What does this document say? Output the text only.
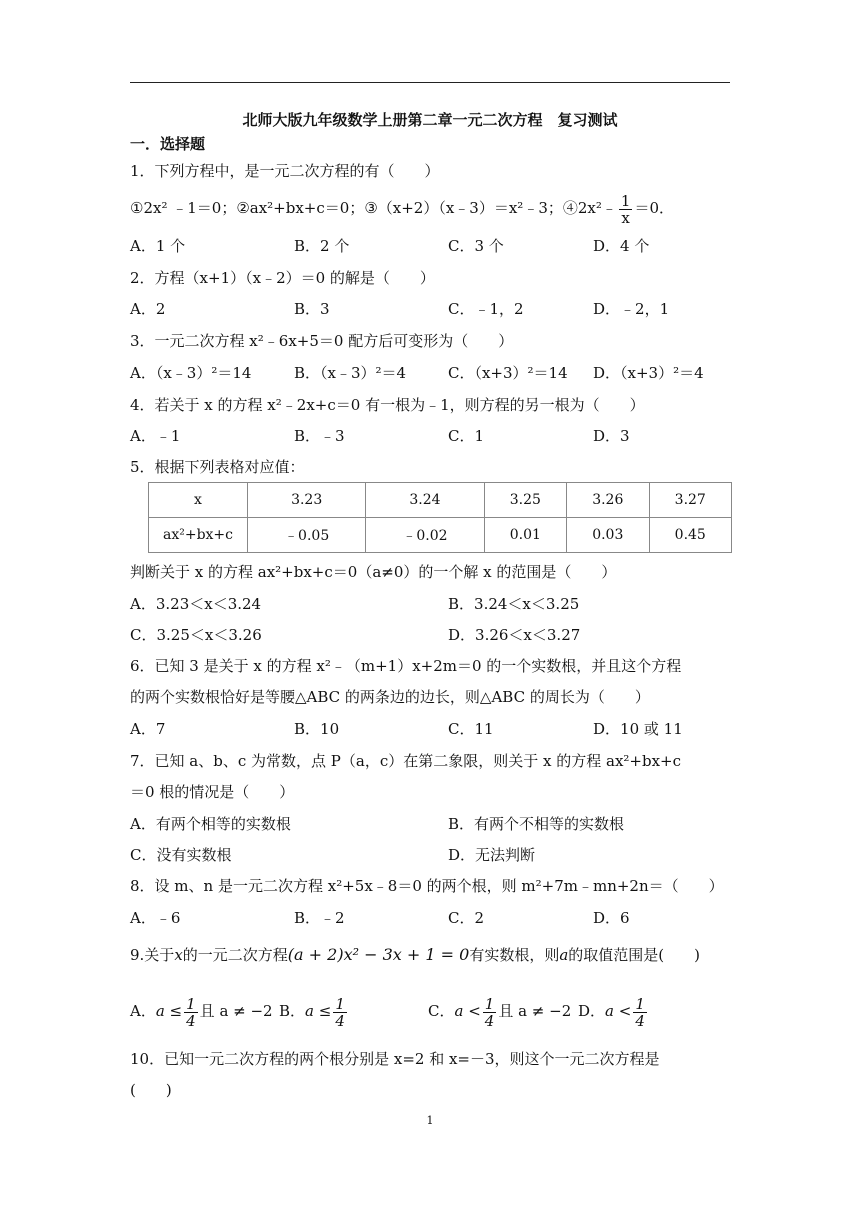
北师大版九年级数学上册第二章一元二次方程　复习测试
一．选择题
1．下列方程中，是一元二次方程的有（　　）
①2x² ﹣1＝0；②ax²+bx+c＝0；③（x+2）（x﹣3）＝x²﹣3；④2x²﹣ $\frac{1}{x} =0$．
A．1 个	B．2 个	C．3 个	D．4 个
2．方程（x+1）（x﹣2）＝0 的解是（　　）
A．2	B．3	C．﹣1，2	D．﹣2，1
3．一元二次方程 x²﹣6x+5＝0 配方后可变形为（　　）
A．（x﹣3）²＝14	B．（x﹣3）²＝4	C．（x+3）²＝14 D．（x+3）²＝4
4．若关于 x 的方程 x²﹣2x+c＝0 有一根为﹣1，则方程的另一根为（　　）
A．﹣1	B．﹣3	C．1	D．3
5．根据下列表格对应值：
x	3.23	3.24	3.25	3.26	3.27
ax²+bx+c	﹣0.05	﹣0.02	0.01	0.03	0.45
判断关于 x 的方程 ax²+bx+c＝0（a≠0）的一个解 x 的范围是（　　）
A．3.23＜x＜3.24	B．3.24＜x＜3.25
C．3.25＜x＜3.26	D．3.26＜x＜3.27
6．已知 3 是关于 x 的方程 x²﹣（m+1）x+2m＝0 的一个实数根，并且这个方程
的两个实数根恰好是等腰△ABC 的两条边的边长，则△ABC 的周长为（　　）
A．7	B．10	C．11	D．10 或 11
7．已知 a、b、c 为常数，点 P（a，c）在第二象限，则关于 x 的方程 ax²+bx+c
＝0 根的情况是（　　）
A．有两个相等的实数根	B．有两个不相等的实数根
C．没有实数根	D．无法判断
8．设 m、n 是一元二次方程 x²+5x﹣8＝0 的两个根，则 m²+7m﹣mn+2n＝（　　）
A．﹣6	B．﹣2	C．2	D．6
9.关于x的一元二次方程(a + 2)x² − 3x + 1 = 0有实数根，则a的取值范围是(　　)
A．$a \le \frac{1}{4}$ 且 a ≠ −2 B．$a \le \frac{1}{4}$	C．$a < \frac{1}{4}$ 且 a ≠ −2 D．$a < \frac{1}{4}$
10．已知一元二次方程的两个根分别是 x=2 和 x=－3，则这个一元二次方程是
(　　)
1
